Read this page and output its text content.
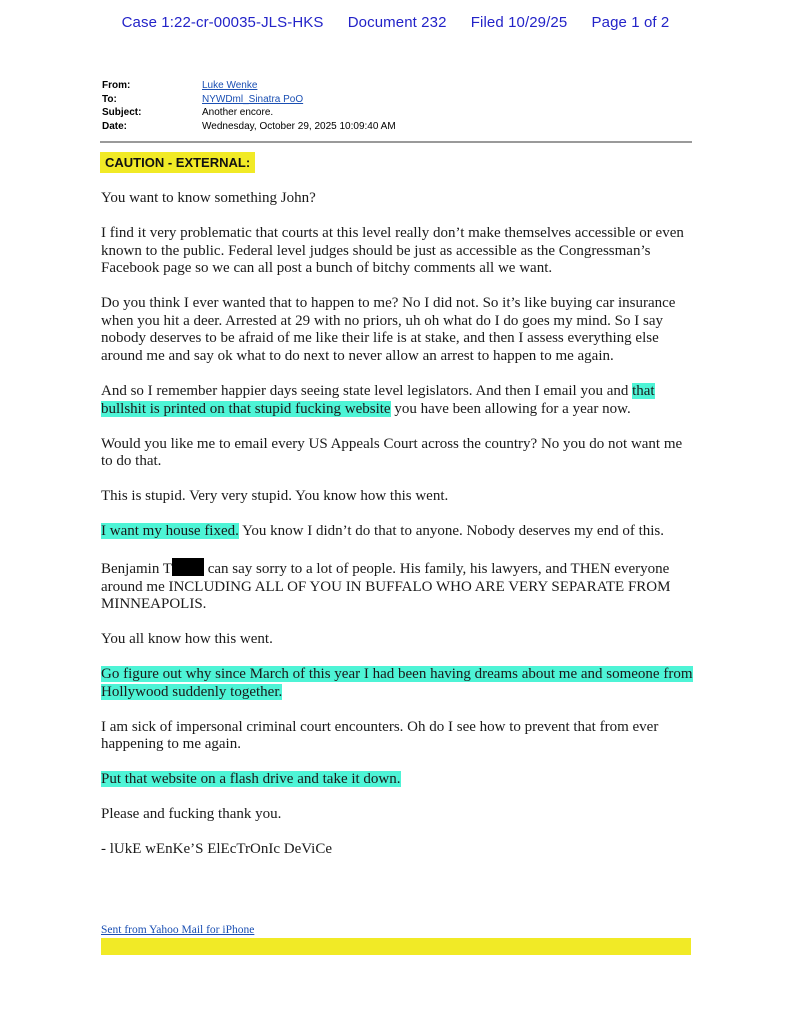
Case 1:22-cr-00035-JLS-HKS Document 232 Filed 10/29/25 Page 1 of 2
From:	Luke Wenke
To:	NYWDml_Sinatra PoO
Subject:	Another encore.
Date:	Wednesday, October 29, 2025 10:09:40 AM
CAUTION - EXTERNAL:

You want to know something John?

I find it very problematic that courts at this level really don’t make themselves accessible or even known to the public. Federal level judges should be just as accessible as the Congressman’s Facebook page so we can all post a bunch of bitchy comments all we want.

Do you think I ever wanted that to happen to me? No I did not. So it’s like buying car insurance when you hit a deer. Arrested at 29 with no priors, uh oh what do I do goes my mind. So I say nobody deserves to be afraid of me like their life is at stake, and then I assess everything else around me and say ok what to do next to never allow an arrest to happen to me again.

And so I remember happier days seeing state level legislators. And then I email you and that bullshit is printed on that stupid fucking website you have been allowing for a year now.

Would you like me to email every US Appeals Court across the country? No you do not want me to do that.

This is stupid. Very very stupid. You know how this went.

I want my house fixed. You know I didn’t do that to anyone. Nobody deserves my end of this.

Benjamin T can say sorry to a lot of people. His family, his lawyers, and THEN everyone around me INCLUDING ALL OF YOU IN BUFFALO WHO ARE VERY SEPARATE FROM MINNEAPOLIS.

You all know how this went.

Go figure out why since March of this year I had been having dreams about me and someone from Hollywood suddenly together.

I am sick of impersonal criminal court encounters. Oh do I see how to prevent that from ever happening to me again.

Put that website on a flash drive and take it down.

Please and fucking thank you.

- lUkE wEnKe’S ElEcTrOnIc DeViCe

Sent from Yahoo Mail for iPhone
